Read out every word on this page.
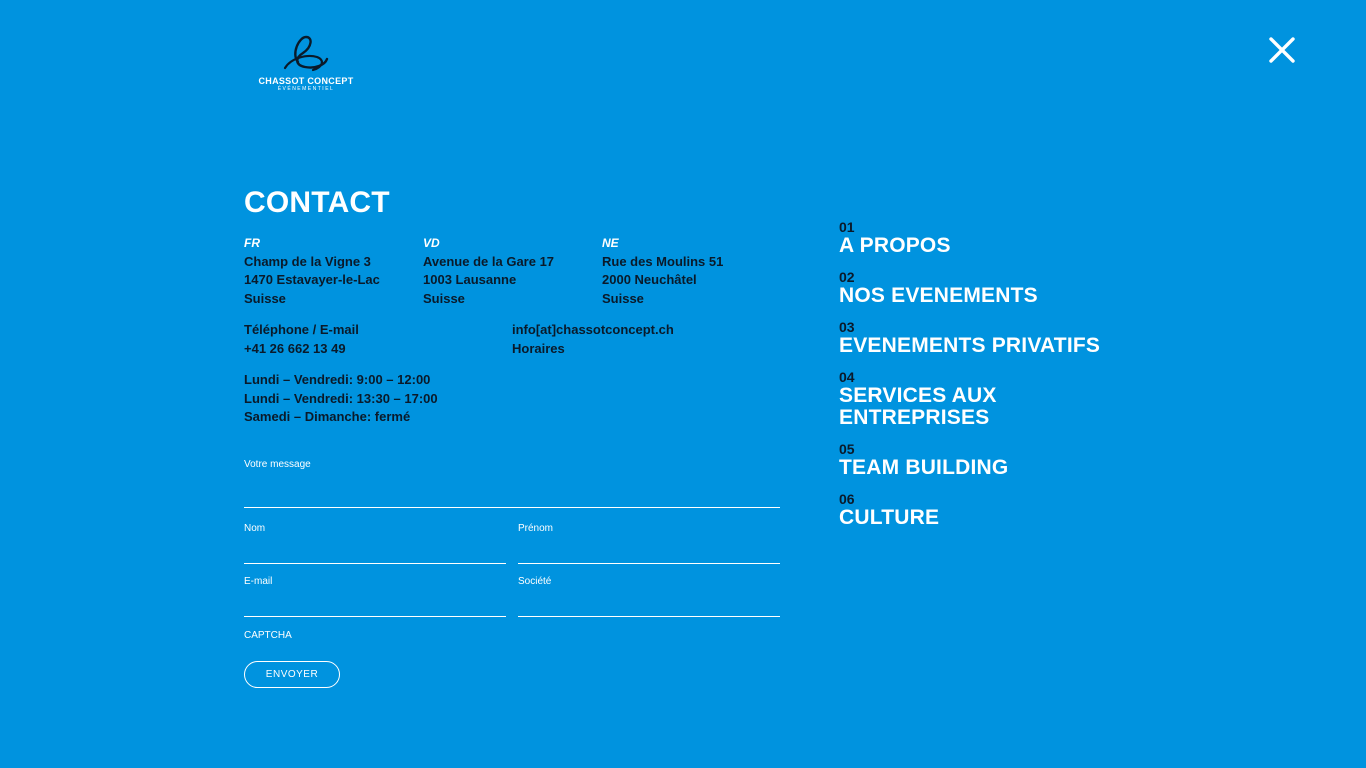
CHASSOT CONCEPT
ÉVÉNEMENTIEL
CONTACT
FR
Champ de la Vigne 3
1470 Estavayer-le-Lac
Suisse
VD
Avenue de la Gare 17
1003 Lausanne
Suisse
NE
Rue des Moulins 51
2000 Neuchâtel
Suisse
Téléphone / E-mail
+41 26 662 13 49
info[at]chassotconcept.ch
Horaires
Lundi – Vendredi: 9:00 – 12:00
Lundi – Vendredi: 13:30 – 17:00
Samedi – Dimanche: fermé
Votre message
Nom	Prénom
E-mail	Société
CAPTCHA
ENVOYER
01
A PROPOS
02
NOS EVENEMENTS
03
EVENEMENTS PRIVATIFS
04
SERVICES AUX ENTREPRISES
05
TEAM BUILDING
06
CULTURE
